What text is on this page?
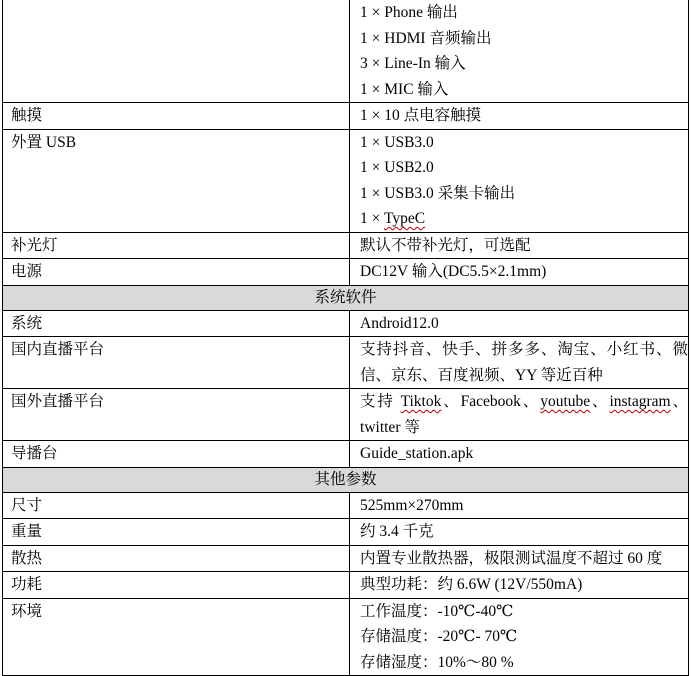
	1 × Phone 输出
1 × HDMI 音频输出
3 × Line-In 输入
1 × MIC 输入

触摸	1 × 10 点电容触摸

外置 USB	1 × USB3.0
1 × USB2.0
1 × USB3.0 采集卡输出
1 × TypeC

补光灯	默认不带补光灯，可选配

电源	DC12V 输入(DC5.5×2.1mm)

系统软件	
系统	Android12.0

国内直播平台	支持抖音、快手、拼多多、淘宝、小红书、微信、京东、百度视频、YY 等近百种

国外直播平台	支持 Tiktok、Facebook、youtube、instagram、 twitter 等

导播台	Guide_station.apk

其他参数	
尺寸	525mm×270mm

重量	约 3.4 千克

散热	内置专业散热器，极限测试温度不超过 60 度

功耗	典型功耗：约 6.6W (12V/550mA)

环境	工作温度：-10℃-40℃
存储温度：-20℃- 70℃
存储湿度：10%～80 %
